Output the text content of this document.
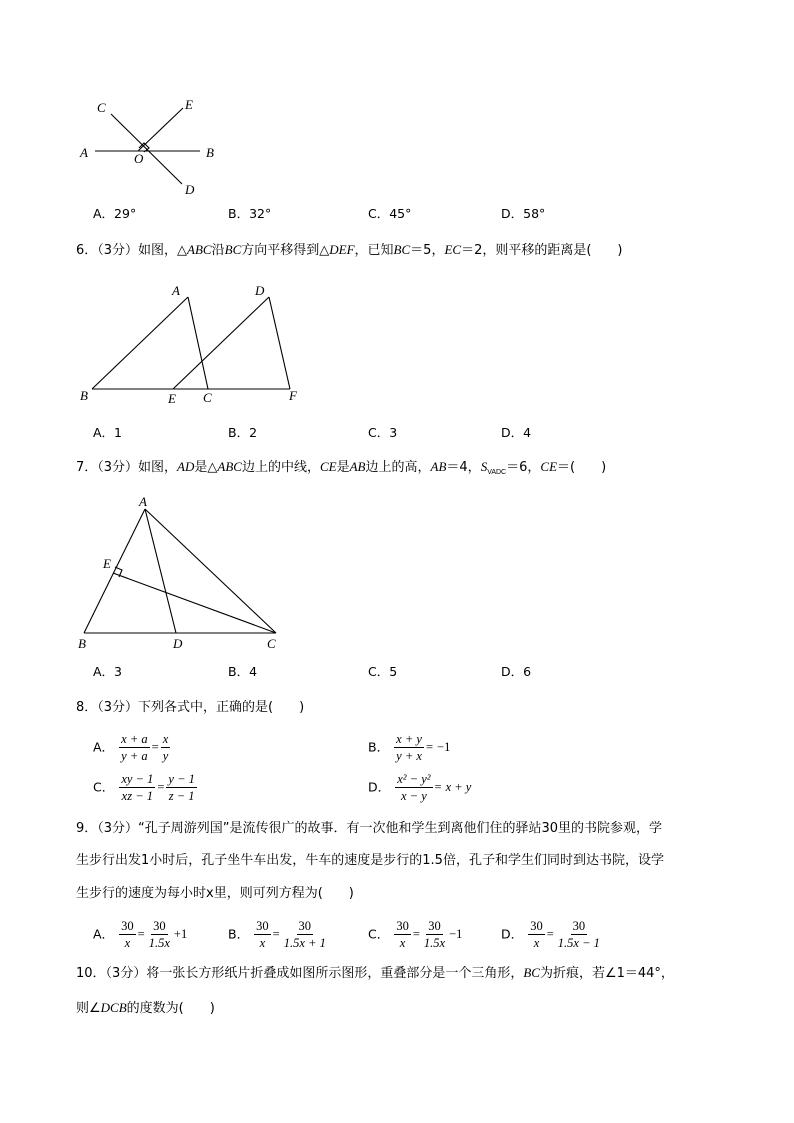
C	E
A	O	B
D
A．29°	B．32°	C．45°	D．58°
6．（3分）如图，△ABC沿BC方向平移得到△DEF，已知BC＝5，EC＝2，则平移的距离是(　　)
A	D
B	E C	F
A．1	B．2	C．3	D．4
7．（3分）如图，AD是△ABC边上的中线，CE是AB边上的高，AB＝4，$S_{VADC}=6$，CE＝(　　)
A
E
B	D	C
A．3	B．4	C．5	D．6
8．（3分）下列各式中，正确的是(　　)
A． $\frac{x + a}{y + a} = \frac{x}{y}$	B． $\frac{x + y}{y + x} = -1$
C． $\frac{xy - 1}{xz - 1} = \frac{y - 1}{z - 1}$	D． $\frac{\text{x² − y²}}{x - y} = x + y$
9．（3分）“孔子周游列国”是流传很广的故事．有一次他和学生到离他们住的驿站30里的书院参观，学
生步行出发1小时后，孔子坐牛车出发，牛车的速度是步行的1.5倍，孔子和学生们同时到达书院，设学
生步行的速度为每小时x里，则可列方程为(　　)
A． $\frac{30}{x} = \frac{30}{1.5x} +1$	B． $\frac{30}{x} = \frac{30}{1.5x + 1}$	C． $\frac{30}{x} = \frac{30}{1.5x} -1$	D． $\frac{30}{x} = \frac{30}{1.5x - 1}$
10．（3分）将一张长方形纸片折叠成如图所示图形，重叠部分是一个三角形，BC为折痕，若∠1＝44°，
则∠DCB的度数为(　　)
